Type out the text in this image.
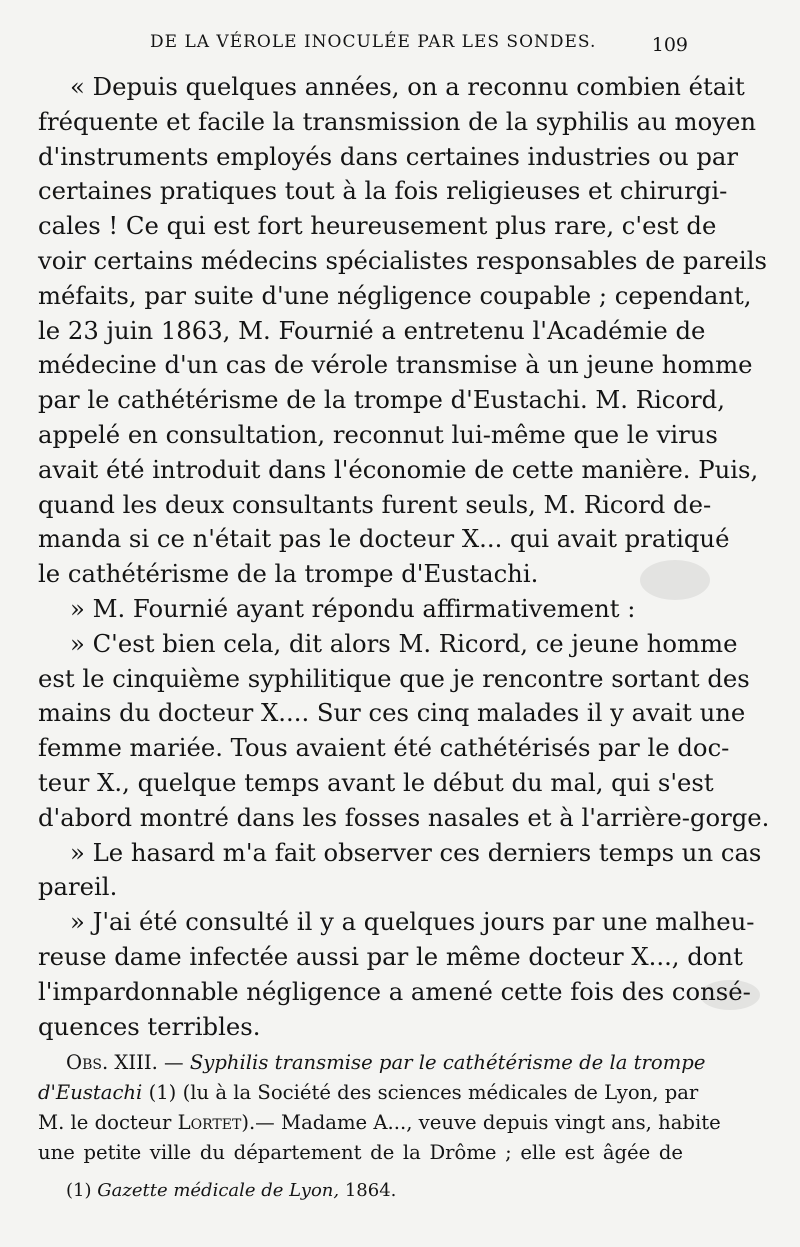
DE LA VÉROLE INOCULÉE PAR LES SONDES.	109
« Depuis quelques années, on a reconnu combien était
fréquente et facile la transmission de la syphilis au moyen
d'instruments employés dans certaines industries ou par
certaines pratiques tout à la fois religieuses et chirurgi-
cales ! Ce qui est fort heureusement plus rare, c'est de
voir certains médecins spécialistes responsables de pareils
méfaits, par suite d'une négligence coupable ; cependant,
le 23 juin 1863, M. Fournié a entretenu l'Académie de
médecine d'un cas de vérole transmise à un jeune homme
par le cathétérisme de la trompe d'Eustachi. M. Ricord,
appelé en consultation, reconnut lui-même que le virus
avait été introduit dans l'économie de cette manière. Puis,
quand les deux consultants furent seuls, M. Ricord de-
manda si ce n'était pas le docteur X... qui avait pratiqué
le cathétérisme de la trompe d'Eustachi.
» M. Fournié ayant répondu affirmativement :
» C'est bien cela, dit alors M. Ricord, ce jeune homme
est le cinquième syphilitique que je rencontre sortant des
mains du docteur X.... Sur ces cinq malades il y avait une
femme mariée. Tous avaient été cathétérisés par le doc-
teur X., quelque temps avant le début du mal, qui s'est
d'abord montré dans les fosses nasales et à l'arrière-gorge.
» Le hasard m'a fait observer ces derniers temps un cas
pareil.
» J'ai été consulté il y a quelques jours par une malheu-
reuse dame infectée aussi par le même docteur X..., dont
l'impardonnable négligence a amené cette fois des consé-
quences terribles.
Obs. XIII. — Syphilis transmise par le cathétérisme de la trompe
d'Eustachi (1) (lu à la Société des sciences médicales de Lyon, par
M. le docteur Lortet).— Madame A..., veuve depuis vingt ans, habite
une petite ville du département de la Drôme ; elle est âgée de
(1) Gazette médicale de Lyon, 1864.
